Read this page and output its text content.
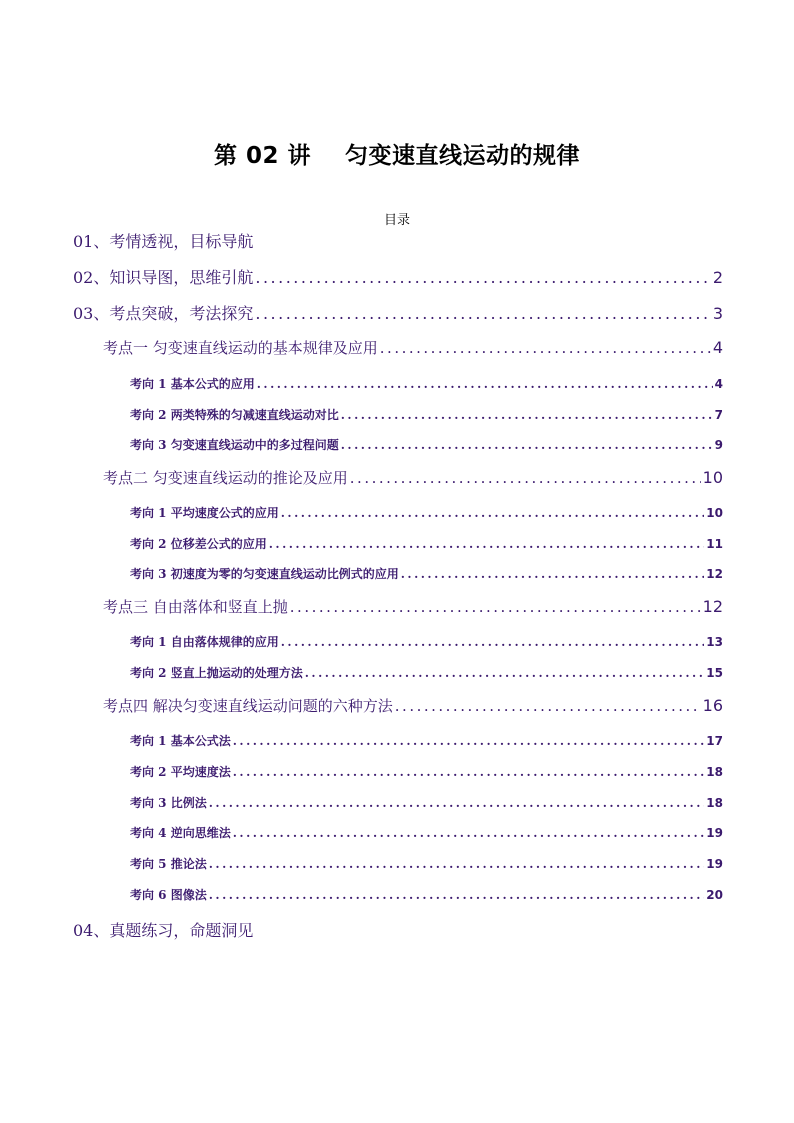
第 02 讲    匀变速直线运动的规律
目录
01、考情透视，目标导航
02、知识导图，思维引航 .....	2
03、考点突破，考法探究 .....	3
考点一 匀变速直线运动的基本规律及应用 .....	4
考向 1 基本公式的应用 .....	4
考向 2 两类特殊的匀减速直线运动对比 .....	7
考向 3 匀变速直线运动中的多过程问题 .....	9
考点二 匀变速直线运动的推论及应用 .....	10
考向 1 平均速度公式的应用 .....	10
考向 2 位移差公式的应用 .....	11
考向 3 初速度为零的匀变速直线运动比例式的应用 .....	12
考点三 自由落体和竖直上抛 .....	12
考向 1 自由落体规律的应用 .....	13
考向 2 竖直上抛运动的处理方法 .....	15
考点四 解决匀变速直线运动问题的六种方法 .....	16
考向 1 基本公式法 .....	17
考向 2 平均速度法 .....	18
考向 3 比例法 .....	18
考向 4 逆向思维法 .....	19
考向 5 推论法 .....	19
考向 6 图像法 .....	20
04、真题练习，命题洞见
